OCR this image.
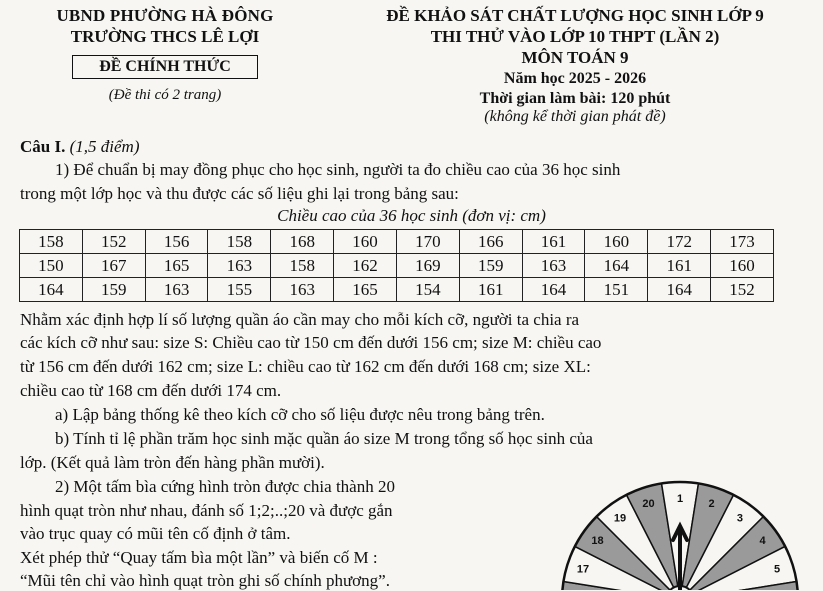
UBND PHƯỜNG HÀ ĐÔNG
TRƯỜNG THCS LÊ LỢI
ĐỀ CHÍNH THỨC
(Đề thi có 2 trang)
ĐỀ KHẢO SÁT CHẤT LƯỢNG HỌC SINH LỚP 9
THI THỬ VÀO LỚP 10 THPT (LẦN 2)
MÔN TOÁN 9
Năm học 2025 - 2026
Thời gian làm bài: 120 phút
(không kể thời gian phát đề)
Câu I. (1,5 điểm)
1) Để chuẩn bị may đồng phục cho học sinh, người ta đo chiều cao của 36 học sinh
trong một lớp học và thu được các số liệu ghi lại trong bảng sau:
Chiều cao của 36 học sinh (đơn vị: cm)
158	152	156	158	168	160	170	166	161	160	172	173
150	167	165	163	158	162	169	159	163	164	161	160
164	159	163	155	163	165	154	161	164	151	164	152
Nhằm xác định hợp lí số lượng quần áo cần may cho mỗi kích cỡ, người ta chia ra
các kích cỡ như sau: size S: Chiều cao từ 150 cm đến dưới 156 cm; size M: chiều cao
từ 156 cm đến dưới 162 cm; size L: chiều cao từ 162 cm đến dưới 168 cm; size XL:
chiều cao từ 168 cm đến dưới 174 cm.
a) Lập bảng thống kê theo kích cỡ cho số liệu được nêu trong bảng trên.
b) Tính tỉ lệ phần trăm học sinh mặc quần áo size M trong tổng số học sinh của
lớp. (Kết quả làm tròn đến hàng phần mười).
2) Một tấm bìa cứng hình tròn được chia thành 20
hình quạt tròn như nhau, đánh số 1;2;..;20 và được gắn
vào trục quay có mũi tên cố định ở tâm.
Xét phép thử “Quay tấm bìa một lần” và biến cố M :
“Mũi tên chỉ vào hình quạt tròn ghi số chính phương”.
20 1 2
3
4
5
17
18
19
